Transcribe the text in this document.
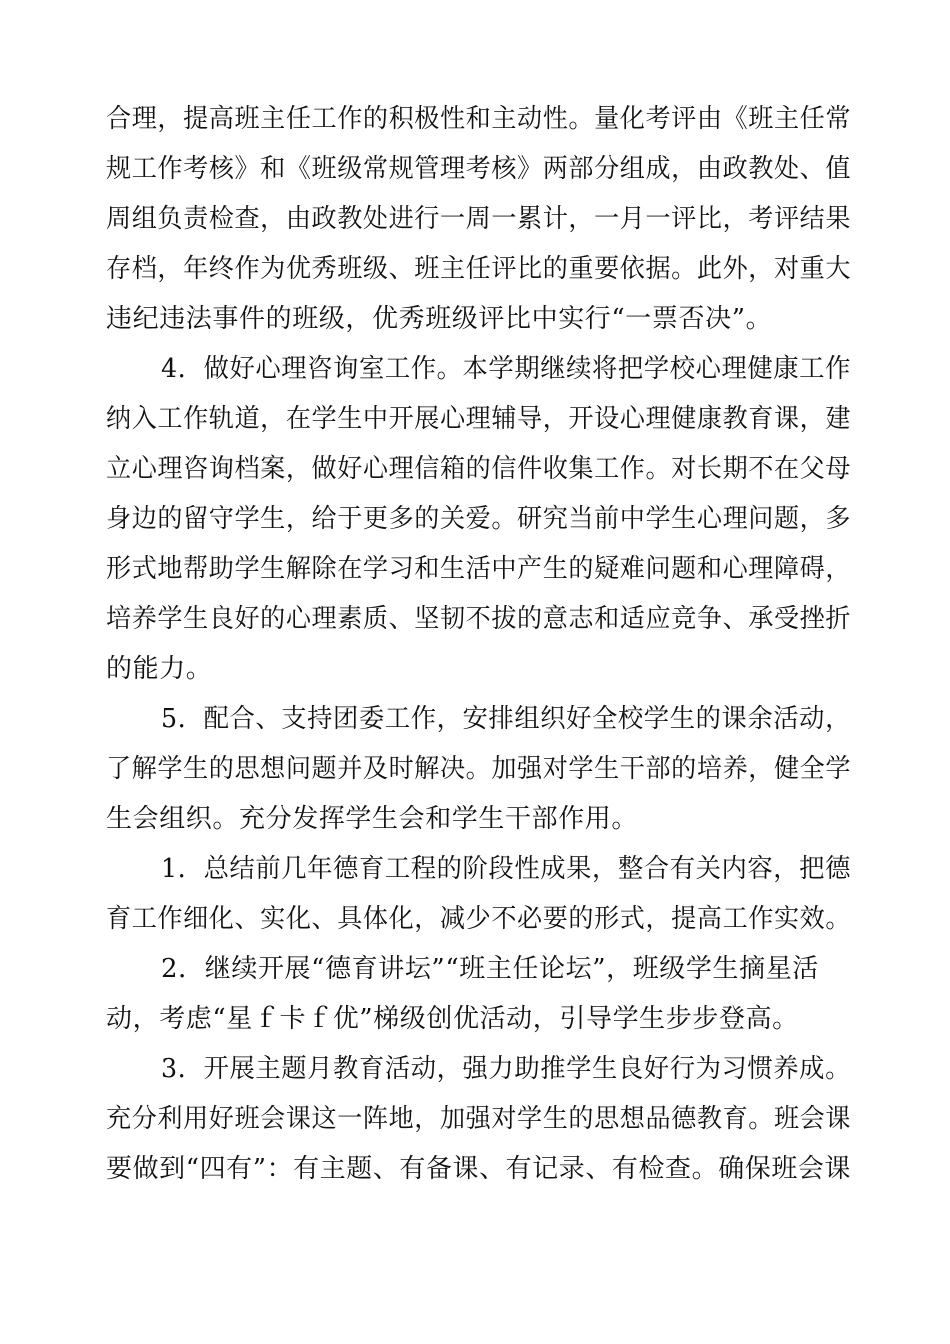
合理，提高班主任工作的积极性和主动性。量化考评由《班主任常
规工作考核》和《班级常规管理考核》两部分组成，由政教处、值
周组负责检查，由政教处进行一周一累计，一月一评比，考评结果
存档，年终作为优秀班级、班主任评比的重要依据。此外，对重大
违纪违法事件的班级，优秀班级评比中实行“一票否决”。
4．做好心理咨询室工作。本学期继续将把学校心理健康工作
纳入工作轨道，在学生中开展心理辅导，开设心理健康教育课，建
立心理咨询档案，做好心理信箱的信件收集工作。对长期不在父母
身边的留守学生，给于更多的关爱。研究当前中学生心理问题，多
形式地帮助学生解除在学习和生活中产生的疑难问题和心理障碍，
培养学生良好的心理素质、坚韧不拔的意志和适应竞争、承受挫折
的能力。
5．配合、支持团委工作，安排组织好全校学生的课余活动，
了解学生的思想问题并及时解决。加强对学生干部的培养，健全学
生会组织。充分发挥学生会和学生干部作用。
1．总结前几年德育工程的阶段性成果，整合有关内容，把德
育工作细化、实化、具体化，减少不必要的形式，提高工作实效。
2．继续开展“德育讲坛”“班主任论坛”，班级学生摘星活
动，考虑“星ｆ卡ｆ优”梯级创优活动，引导学生步步登高。
3．开展主题月教育活动，强力助推学生良好行为习惯养成。
充分利用好班会课这一阵地，加强对学生的思想品德教育。班会课
要做到“四有”：有主题、有备课、有记录、有检查。确保班会课
